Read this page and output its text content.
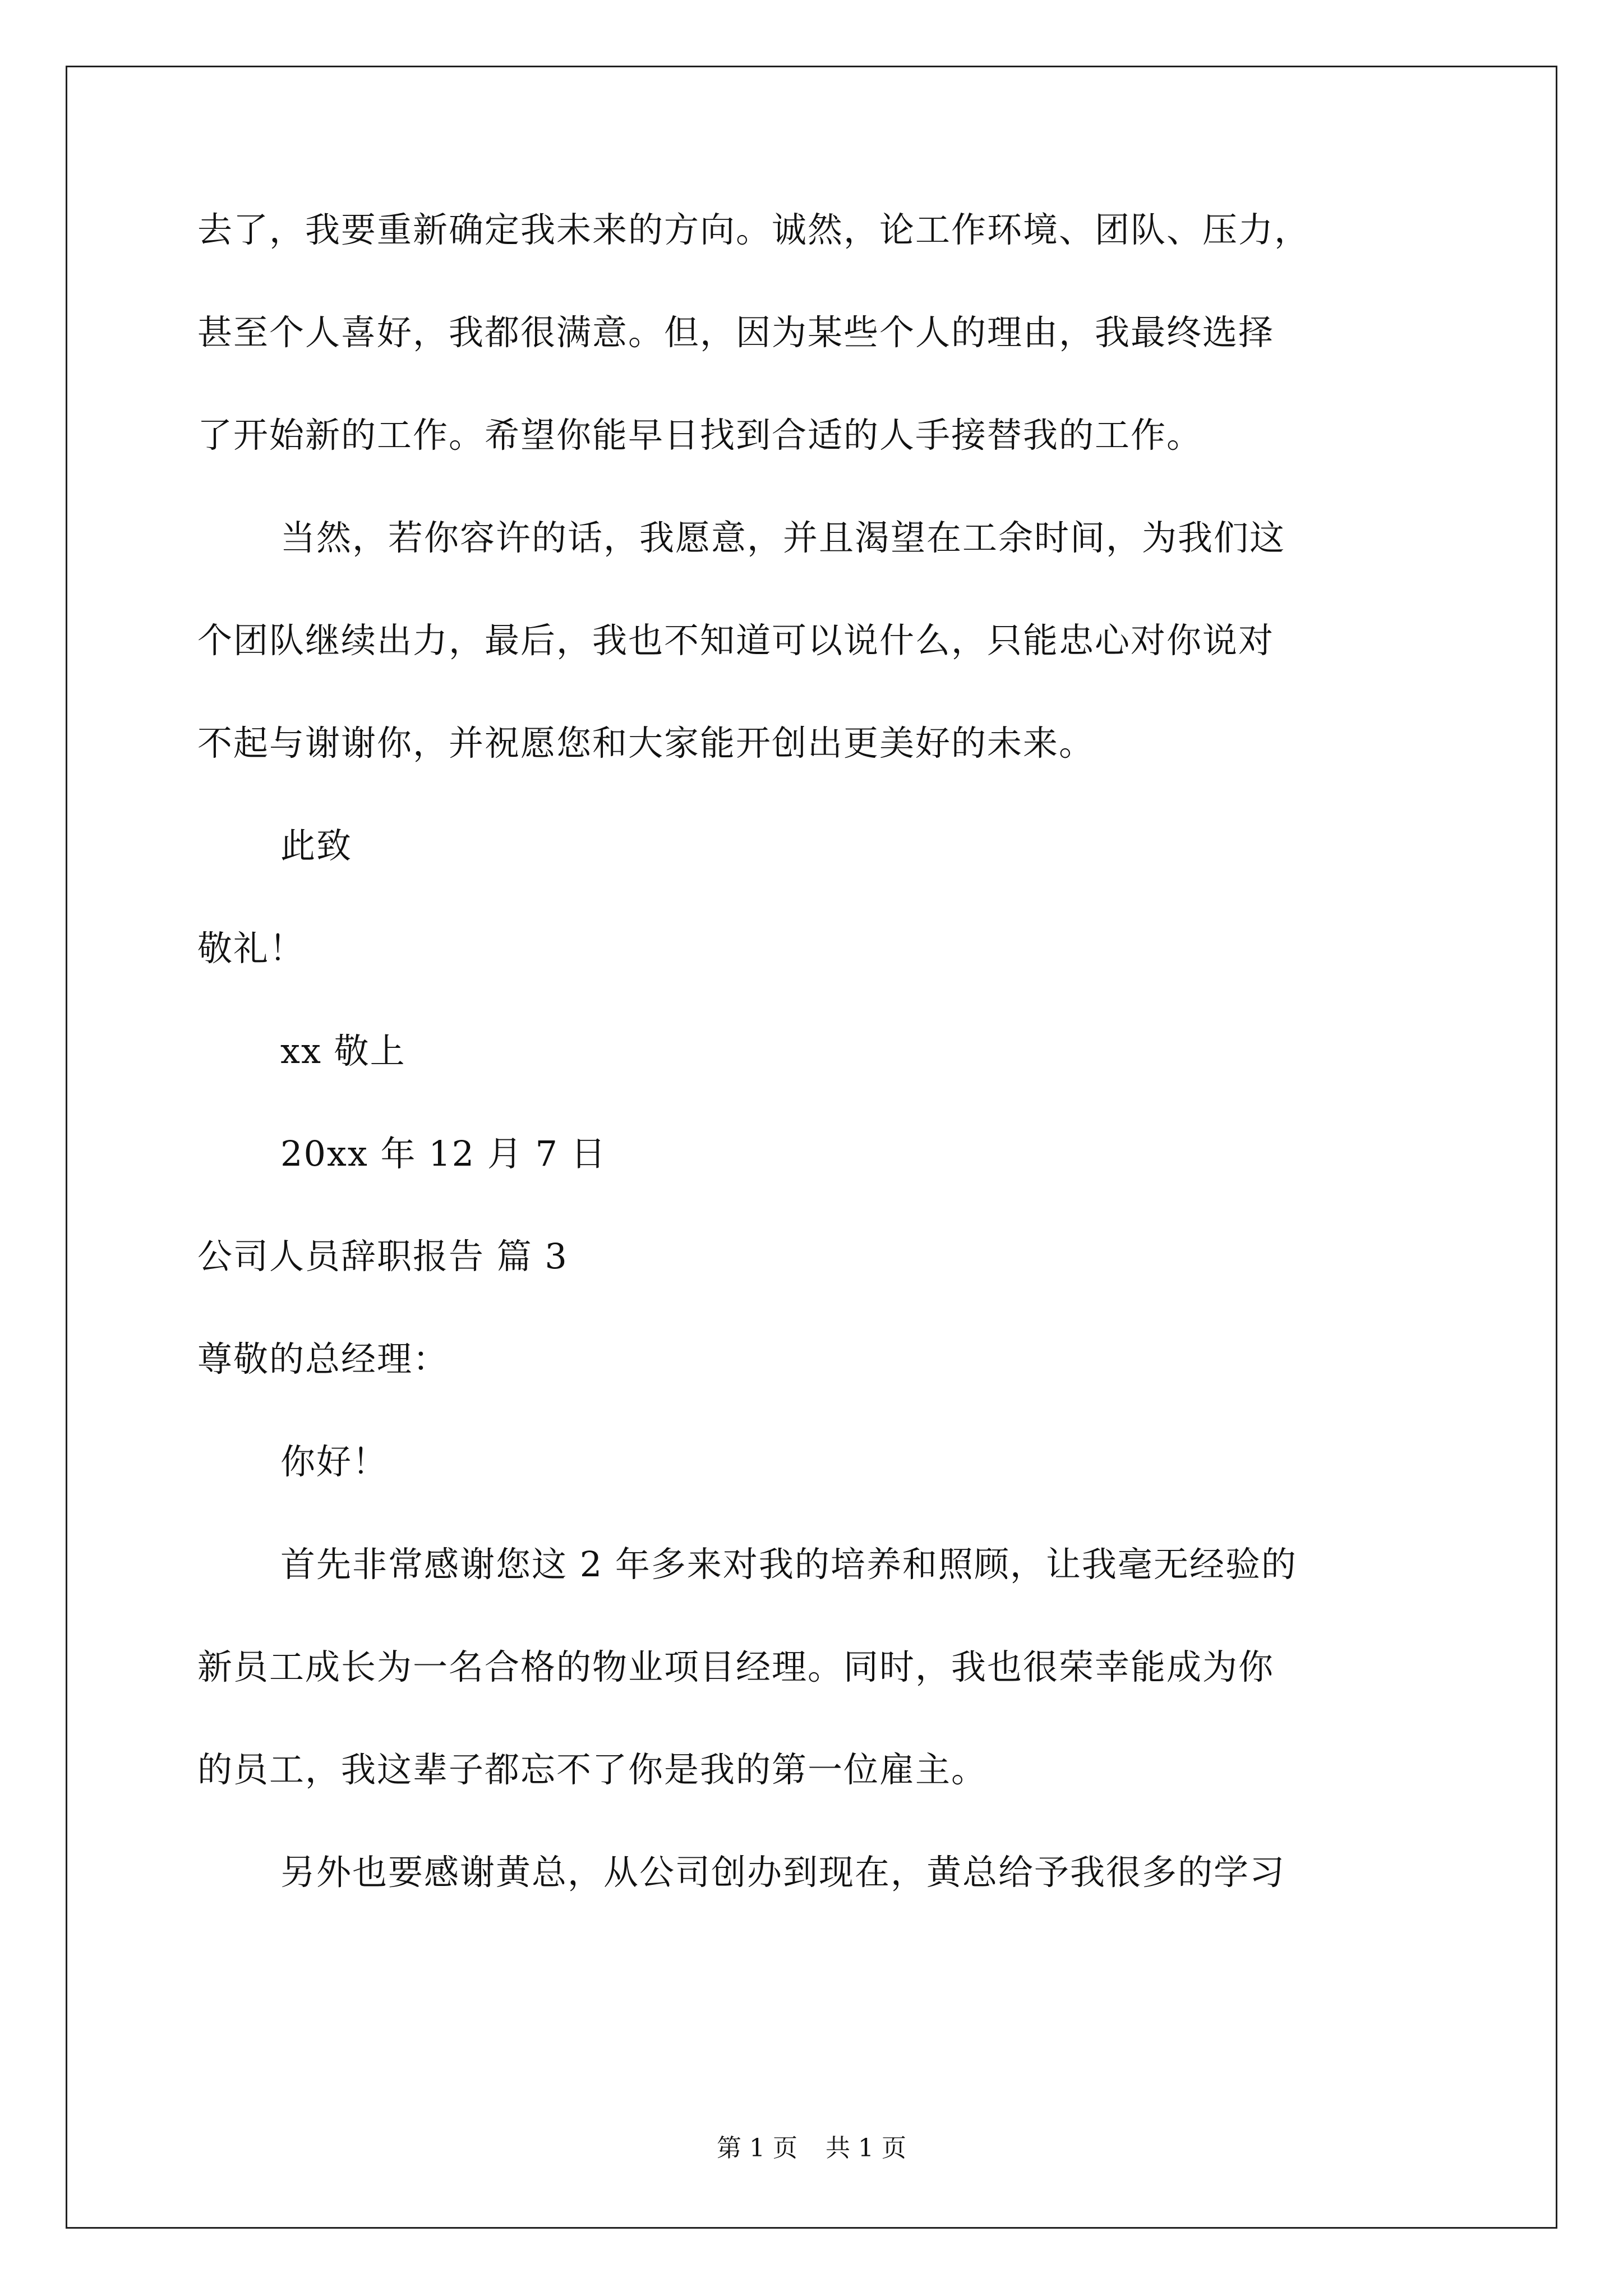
去了，我要重新确定我未来的方向。诚然，论工作环境、团队、压力，
甚至个人喜好，我都很满意。但，因为某些个人的理由，我最终选择
了开始新的工作。希望你能早日找到合适的人手接替我的工作。
当然，若你容许的话，我愿意，并且渴望在工余时间，为我们这
个团队继续出力，最后，我也不知道可以说什么，只能忠心对你说对
不起与谢谢你，并祝愿您和大家能开创出更美好的未来。
此致
敬礼！
xx 敬上
20xx 年 12 月 7 日
公司人员辞职报告 篇 3
尊敬的总经理：
你好！
首先非常感谢您这 2 年多来对我的培养和照顾，让我毫无经验的
新员工成长为一名合格的物业项目经理。同时，我也很荣幸能成为你
的员工，我这辈子都忘不了你是我的第一位雇主。
另外也要感谢黄总，从公司创办到现在，黄总给予我很多的学习
第 1 页 共 1 页
